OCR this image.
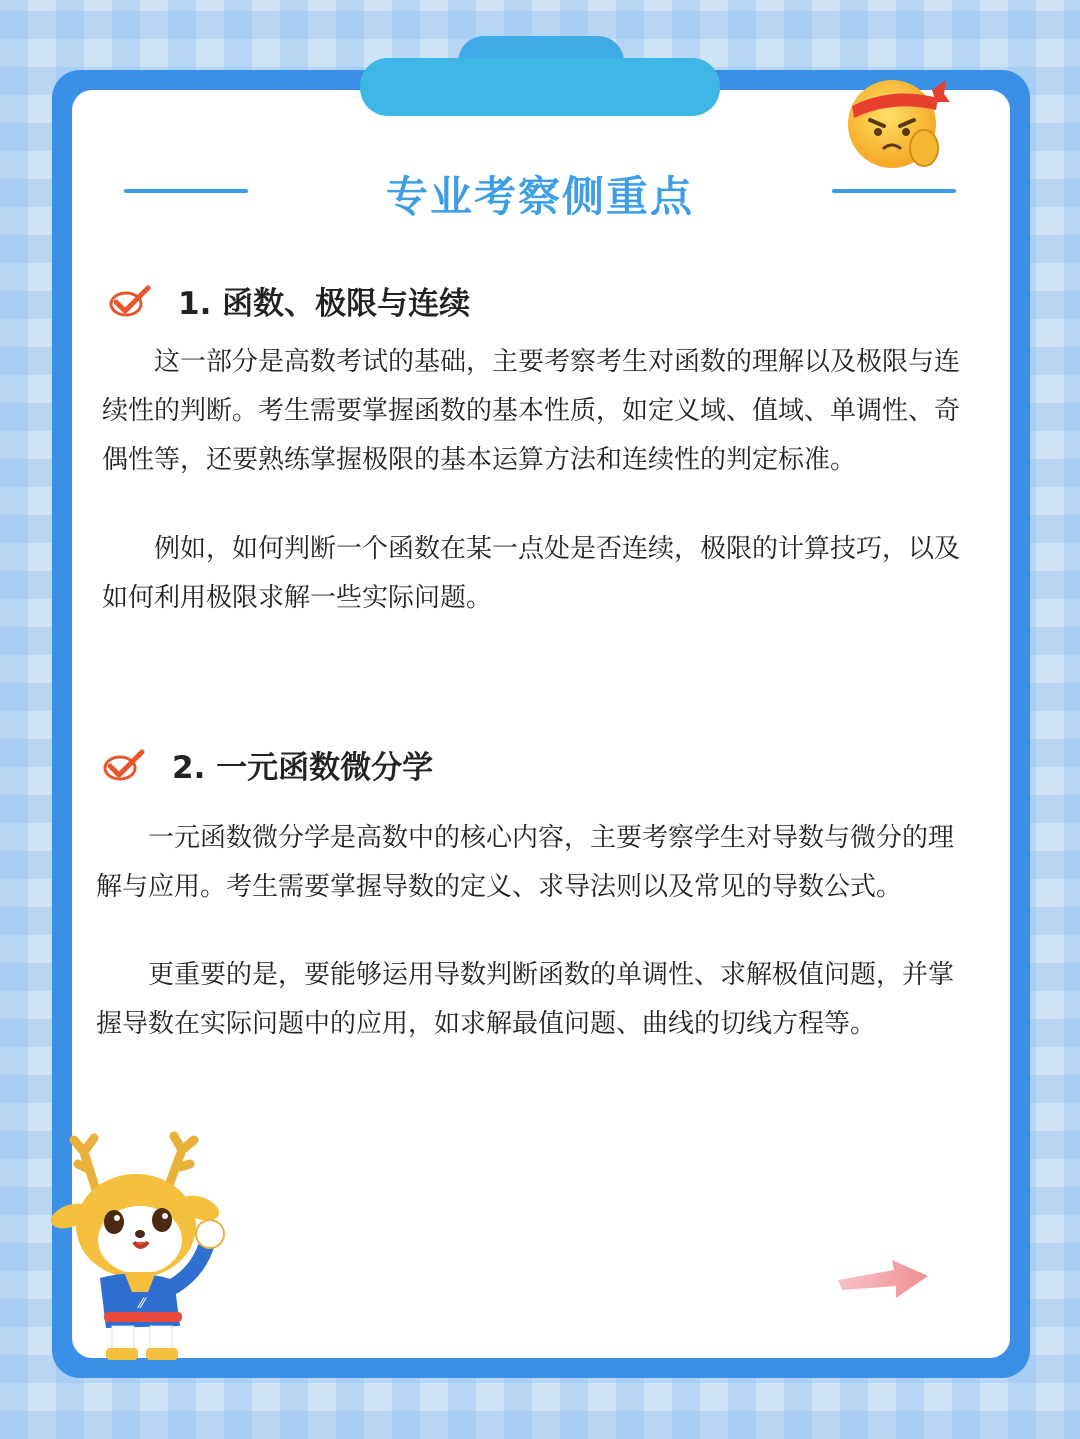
专业考察侧重点
1. 函数、极限与连续

这一部分是高数考试的基础，主要考察考生对函数的理解以及极限与连续性的判断。考生需要掌握函数的基本性质，如定义域、值域、单调性、奇偶性等，还要熟练掌握极限的基本运算方法和连续性的判定标准。

例如，如何判断一个函数在某一点处是否连续，极限的计算技巧，以及如何利用极限求解一些实际问题。

2. 一元函数微分学

一元函数微分学是高数中的核心内容，主要考察学生对导数与微分的理解与应用。考生需要掌握导数的定义、求导法则以及常见的导数公式。

更重要的是，要能够运用导数判断函数的单调性、求解极值问题，并掌握导数在实际问题中的应用，如求解最值问题、曲线的切线方程等。

⁄⁄
